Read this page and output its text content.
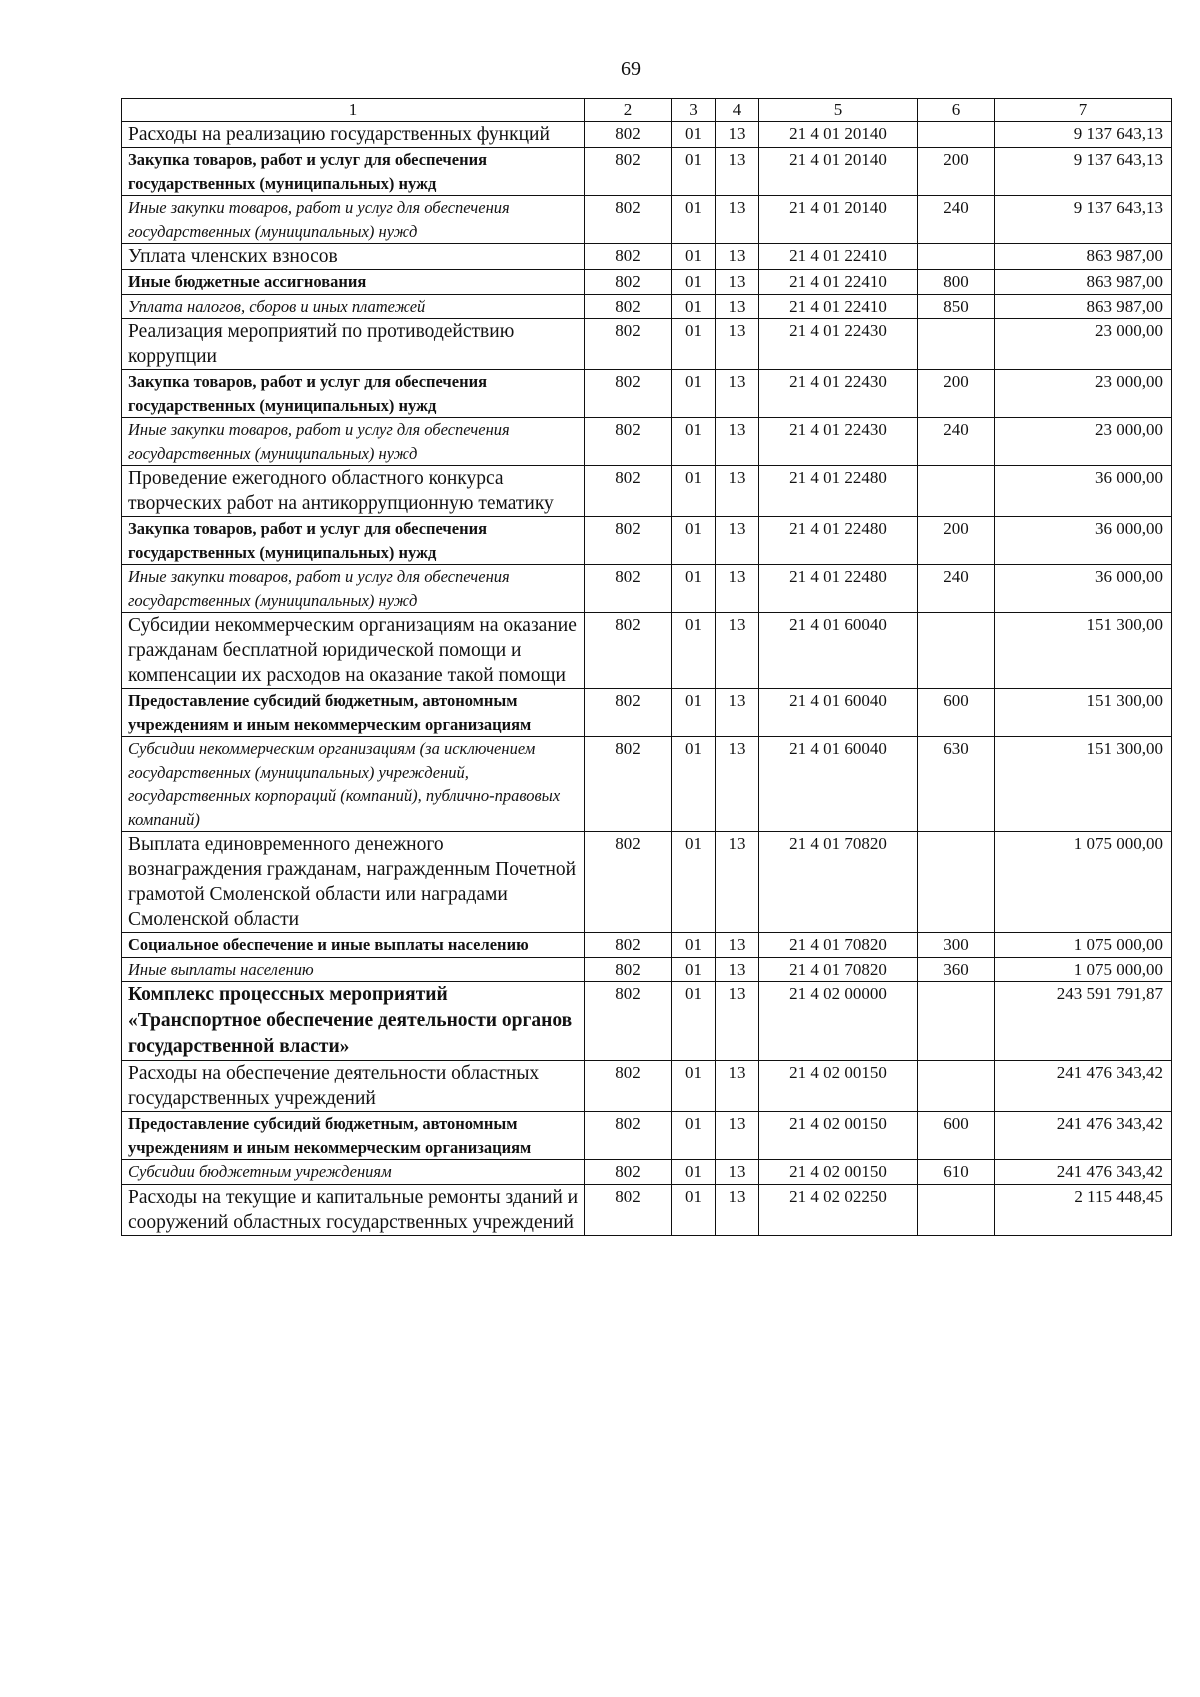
69
1	2	3	4	5	6	7
Расходы на реализацию государственных функций	802	01	13	21 4 01 20140		9 137 643,13
Закупка товаров, работ и услуг для обеспечения государственных (муниципальных) нужд	802	01	13	21 4 01 20140	200	9 137 643,13
Иные закупки товаров, работ и услуг для обеспечения государственных (муниципальных) нужд	802	01	13	21 4 01 20140	240	9 137 643,13
Уплата членских взносов	802	01	13	21 4 01 22410		863 987,00
Иные бюджетные ассигнования	802	01	13	21 4 01 22410	800	863 987,00
Уплата налогов, сборов и иных платежей	802	01	13	21 4 01 22410	850	863 987,00
Реализация мероприятий по противодействию коррупции	802	01	13	21 4 01 22430		23 000,00
Закупка товаров, работ и услуг для обеспечения государственных (муниципальных) нужд	802	01	13	21 4 01 22430	200	23 000,00
Иные закупки товаров, работ и услуг для обеспечения государственных (муниципальных) нужд	802	01	13	21 4 01 22430	240	23 000,00
Проведение ежегодного областного конкурса творческих работ на антикоррупционную тематику	802	01	13	21 4 01 22480		36 000,00
Закупка товаров, работ и услуг для обеспечения государственных (муниципальных) нужд	802	01	13	21 4 01 22480	200	36 000,00
Иные закупки товаров, работ и услуг для обеспечения государственных (муниципальных) нужд	802	01	13	21 4 01 22480	240	36 000,00
Субсидии некоммерческим организациям на оказание гражданам бесплатной юридической помощи и компенсации их расходов на оказание такой помощи	802	01	13	21 4 01 60040		151 300,00
Предоставление субсидий бюджетным, автономным учреждениям и иным некоммерческим организациям	802	01	13	21 4 01 60040	600	151 300,00
Субсидии некоммерческим организациям (за исключением государственных (муниципальных) учреждений, государственных корпораций (компаний), публично-правовых компаний)	802	01	13	21 4 01 60040	630	151 300,00
Выплата единовременного денежного вознаграждения гражданам, награжденным Почетной грамотой Смоленской области или наградами Смоленской области	802	01	13	21 4 01 70820		1 075 000,00
Социальное обеспечение и иные выплаты населению	802	01	13	21 4 01 70820	300	1 075 000,00
Иные выплаты населению	802	01	13	21 4 01 70820	360	1 075 000,00
Комплекс процессных мероприятий «Транспортное обеспечение деятельности органов государственной власти»	802	01	13	21 4 02 00000		243 591 791,87
Расходы на обеспечение деятельности областных государственных учреждений	802	01	13	21 4 02 00150		241 476 343,42
Предоставление субсидий бюджетным, автономным учреждениям и иным некоммерческим организациям	802	01	13	21 4 02 00150	600	241 476 343,42
Субсидии бюджетным учреждениям	802	01	13	21 4 02 00150	610	241 476 343,42
Расходы на текущие и капитальные ремонты зданий и сооружений областных государственных учреждений	802	01	13	21 4 02 02250		2 115 448,45
